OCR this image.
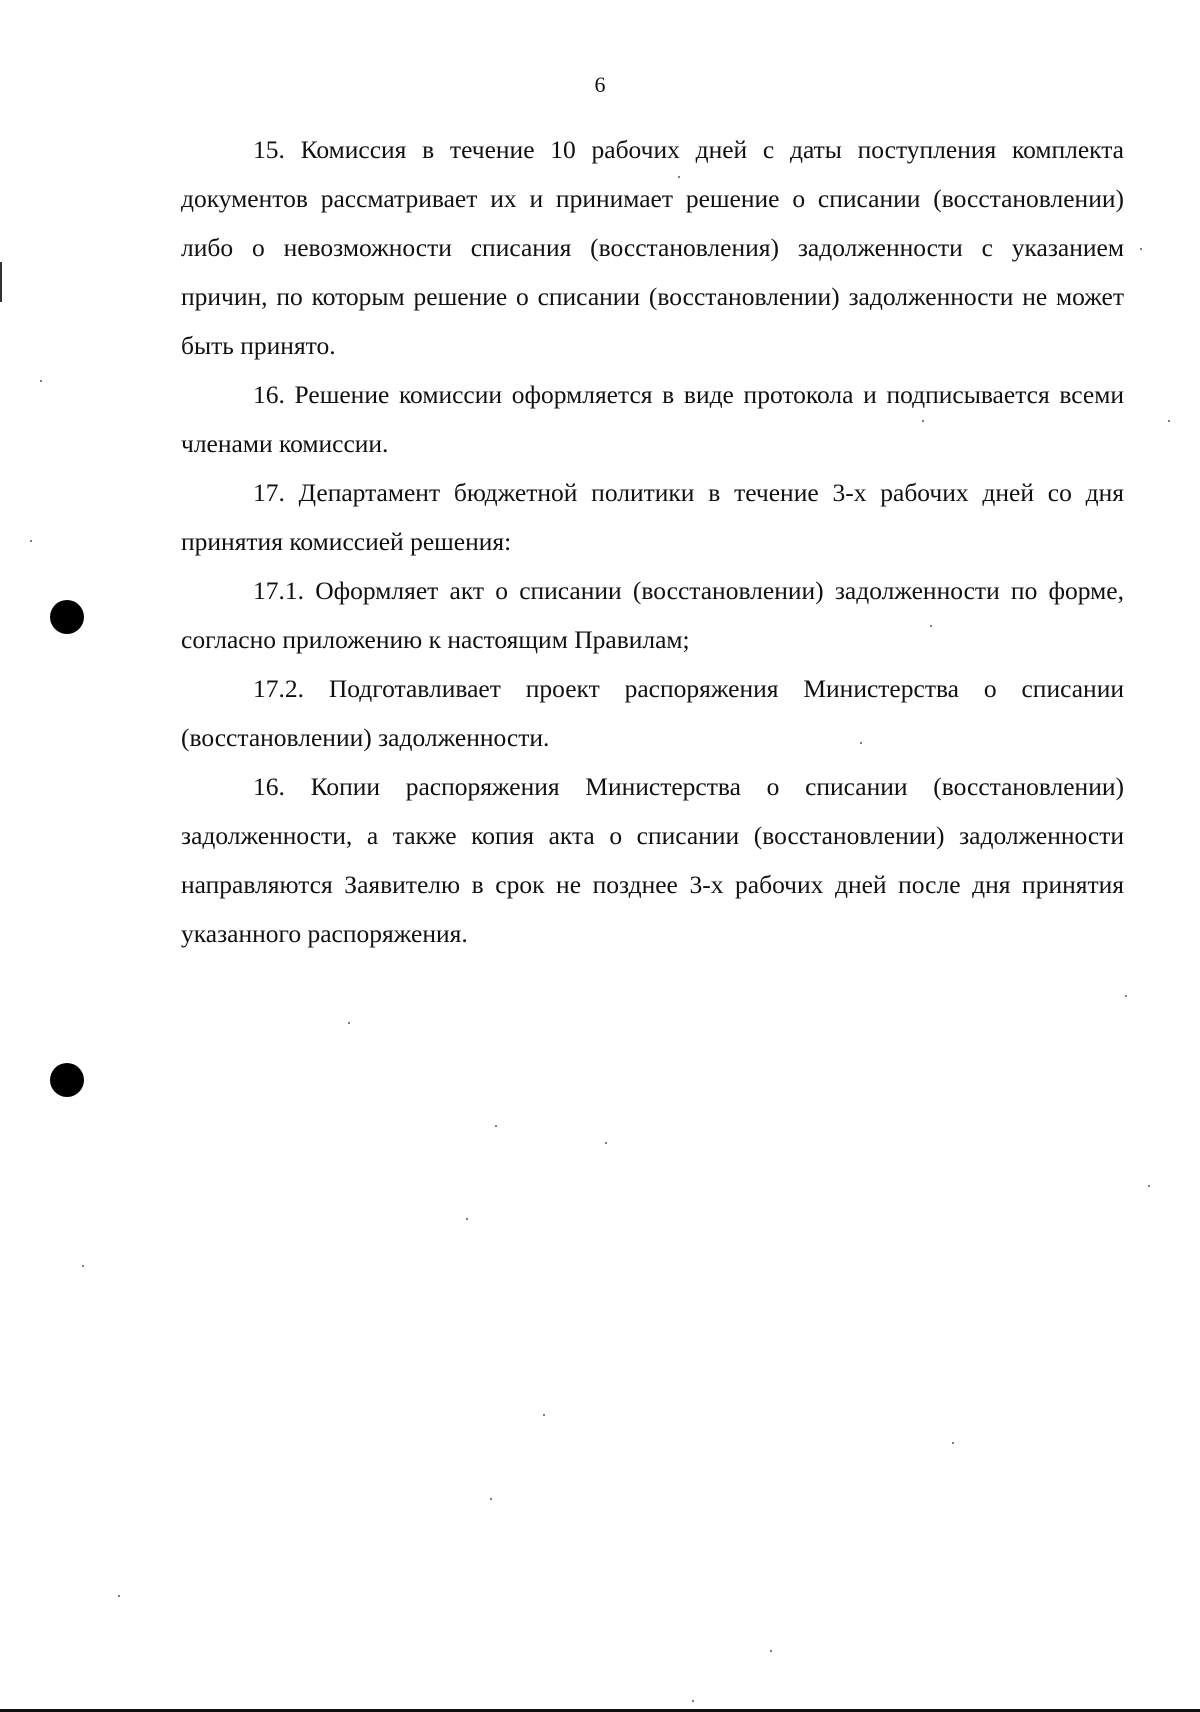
6

15. Комиссия в течение 10 рабочих дней с даты поступления комплекта документов рассматривает их и принимает решение о списании (восстановлении) либо о невозможности списания (восстановления) задолженности с указанием причин, по которым решение о списании (восстановлении) задолженности не может быть принято.

16. Решение комиссии оформляется в виде протокола и подписывается всеми членами комиссии.

17. Департамент бюджетной политики в течение 3-х рабочих дней со дня принятия комиссией решения:

17.1. Оформляет акт о списании (восстановлении) задолженности по форме, согласно приложению к настоящим Правилам;

17.2. Подготавливает проект распоряжения Министерства о списании (восстановлении) задолженности.

16. Копии распоряжения Министерства о списании (восстановлении) задолженности, а также копия акта о списании (восстановлении) задолженности направляются Заявителю в срок не позднее 3-х рабочих дней после дня принятия указанного распоряжения.
